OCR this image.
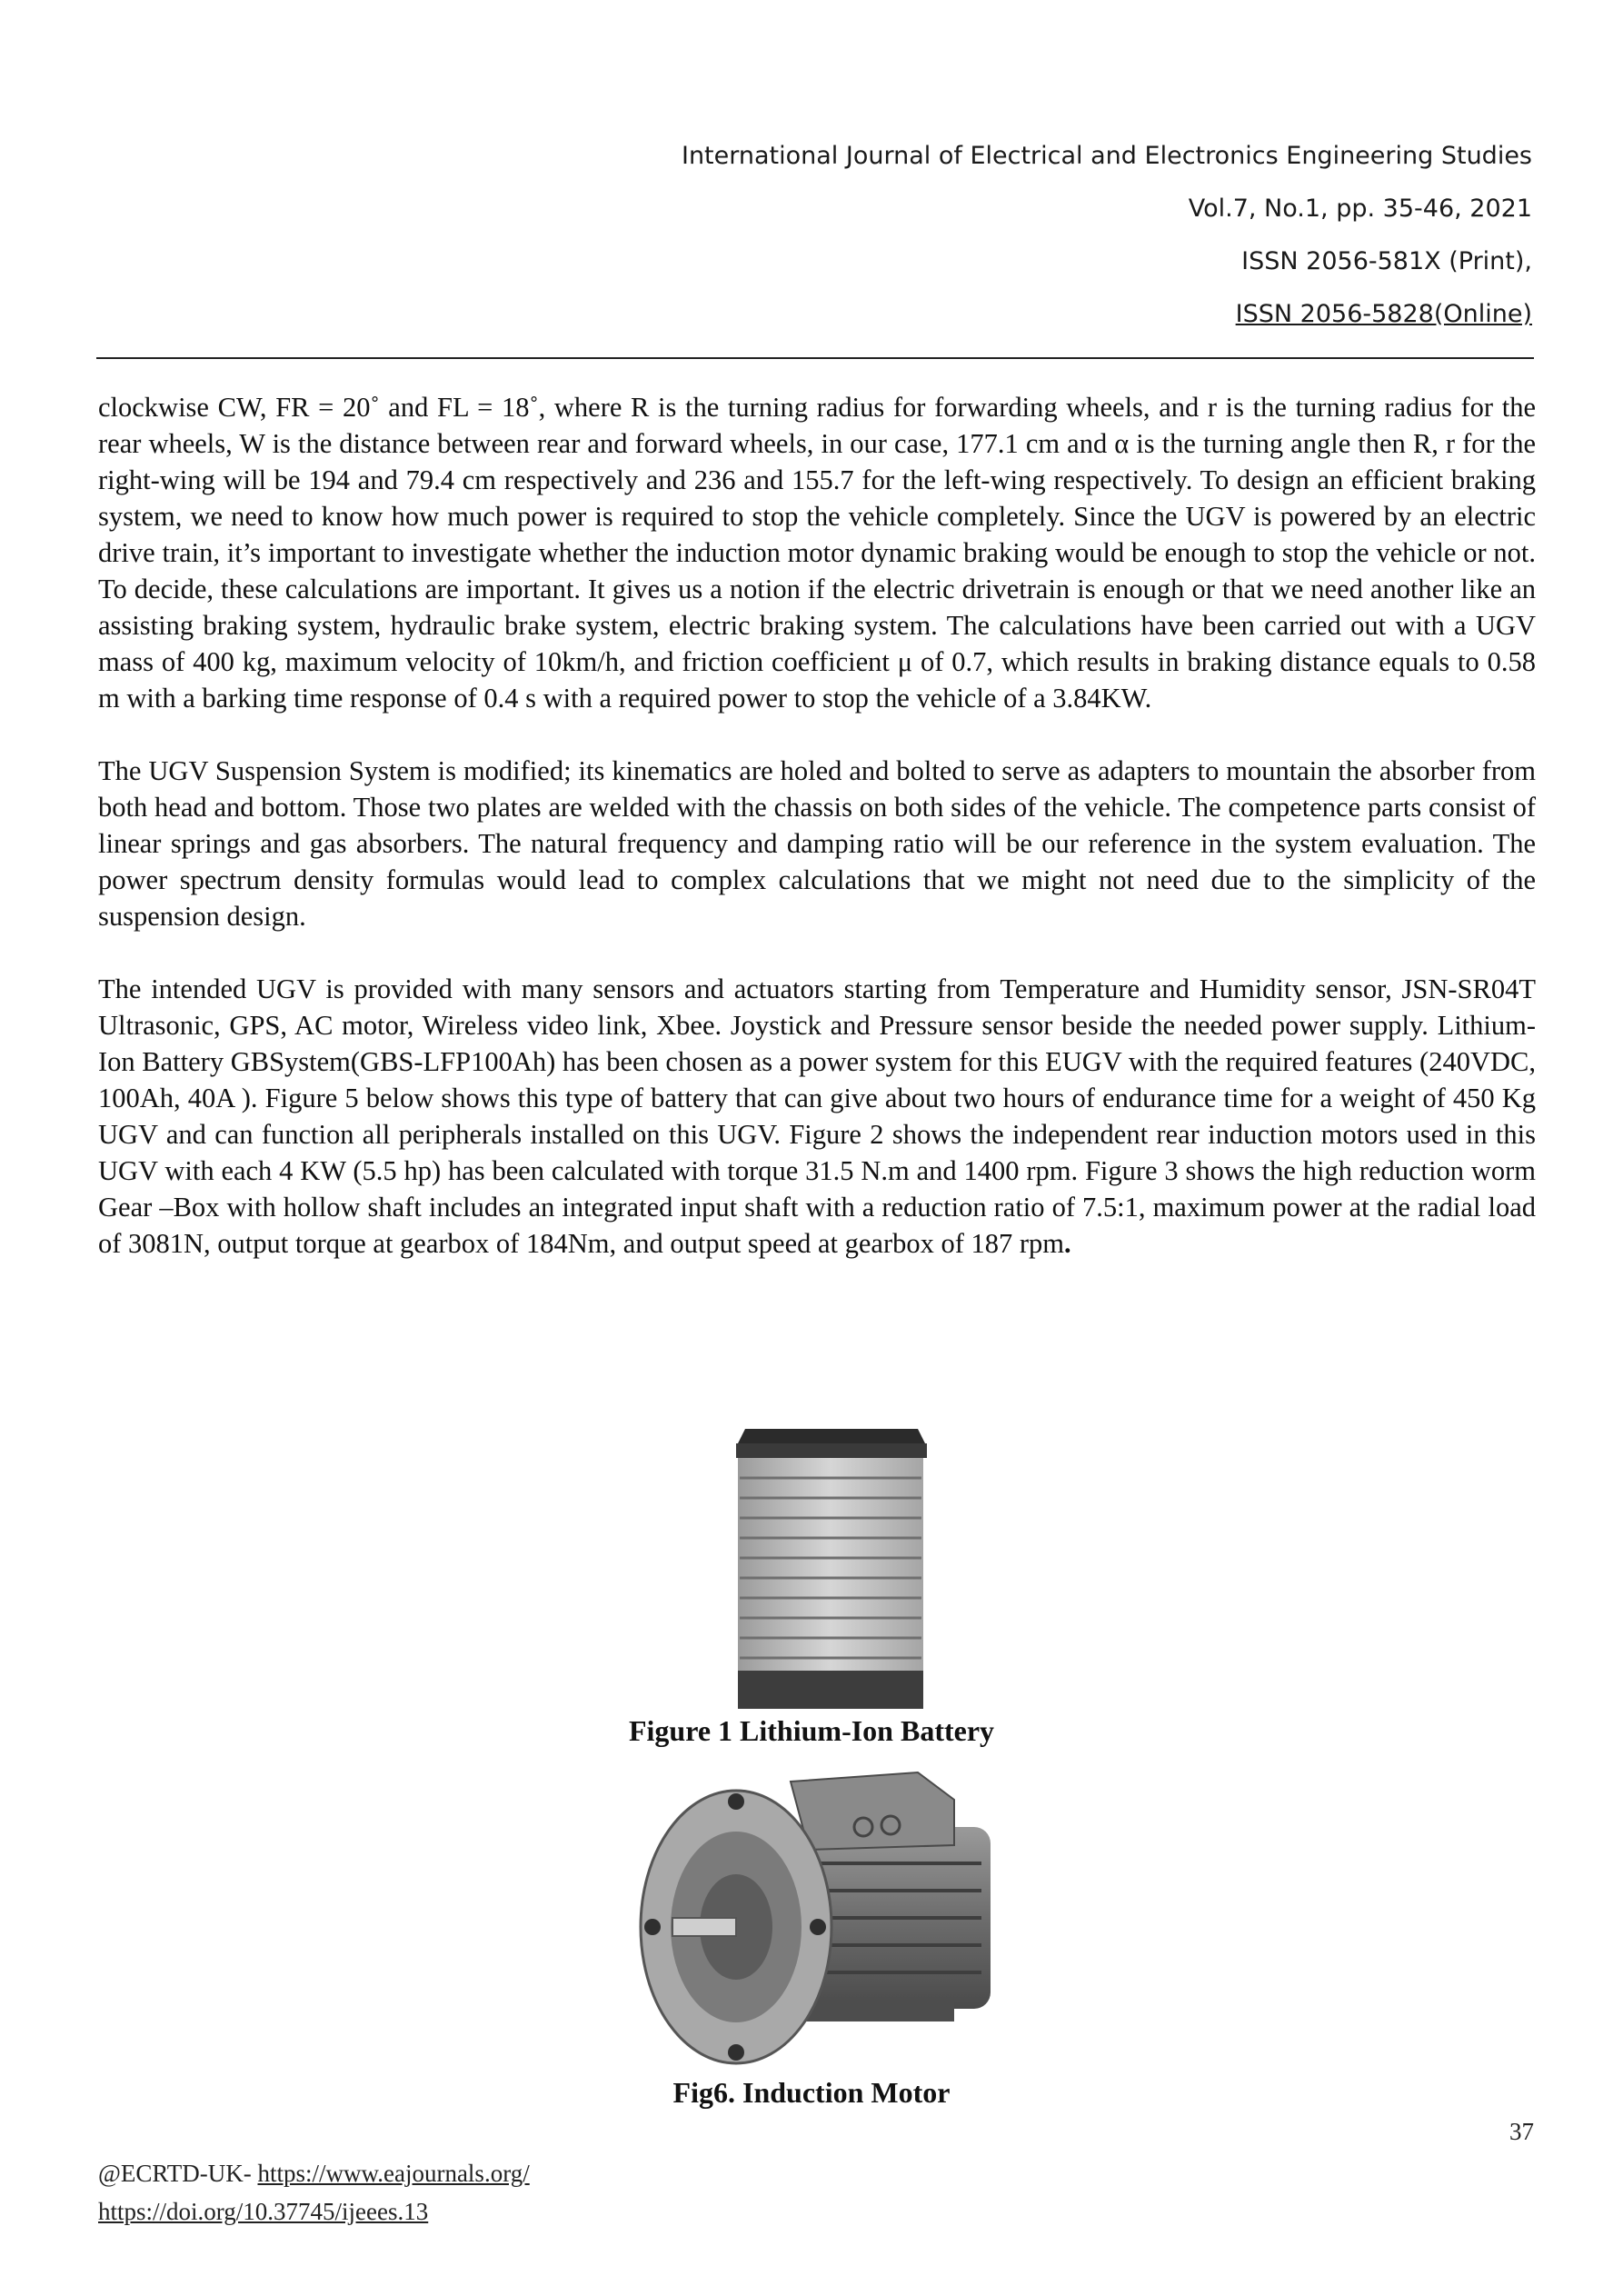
International Journal of Electrical and Electronics Engineering Studies
Vol.7, No.1, pp. 35-46, 2021
ISSN 2056-581X (Print),
ISSN 2056-5828(Online)

clockwise CW, FR = 20˚ and FL = 18˚, where R is the turning radius for forwarding wheels, and r is the turning radius for the rear wheels, W is the distance between rear and forward wheels, in our case, 177.1 cm and α is the turning angle then R, r for the right-wing will be 194 and 79.4 cm respectively and 236 and 155.7 for the left-wing respectively. To design an efficient braking system, we need to know how much power is required to stop the vehicle completely. Since the UGV is powered by an electric drive train, it’s important to investigate whether the induction motor dynamic braking would be enough to stop the vehicle or not. To decide, these calculations are important. It gives us a notion if the electric drivetrain is enough or that we need another like an assisting braking system, hydraulic brake system, electric braking system. The calculations have been carried out with a UGV mass of 400 kg, maximum velocity of 10km/h, and friction coefficient μ of 0.7, which results in braking distance equals to 0.58 m with a barking time response of 0.4 s with a required power to stop the vehicle of a 3.84KW.

The UGV Suspension System is modified; its kinematics are holed and bolted to serve as adapters to mountain the absorber from both head and bottom. Those two plates are welded with the chassis on both sides of the vehicle. The competence parts consist of linear springs and gas absorbers. The natural frequency and damping ratio will be our reference in the system evaluation. The power spectrum density formulas would lead to complex calculations that we might not need due to the simplicity of the suspension design.

The intended UGV is provided with many sensors and actuators starting from Temperature and Humidity sensor, JSN-SR04T Ultrasonic, GPS, AC motor, Wireless video link, Xbee. Joystick and Pressure sensor beside the needed power supply. Lithium-Ion Battery GBSystem(GBS-LFP100Ah) has been chosen as a power system for this EUGV with the required features (240VDC, 100Ah, 40A ). Figure 5 below shows this type of battery that can give about two hours of endurance time for a weight of 450 Kg UGV and can function all peripherals installed on this UGV. Figure 2 shows the independent rear induction motors used in this UGV with each 4 KW (5.5 hp) has been calculated with torque 31.5 N.m and 1400 rpm. Figure 3 shows the high reduction worm Gear –Box with hollow shaft includes an integrated input shaft with a reduction ratio of 7.5:1, maximum power at the radial load of 3081N, output torque at gearbox of 184Nm, and output speed at gearbox of 187 rpm.

Figure 1 Lithium-Ion Battery
Fig6. Induction Motor
37
@ECRTD-UK- https://www.eajournals.org/
https://doi.org/10.37745/ijeees.13
